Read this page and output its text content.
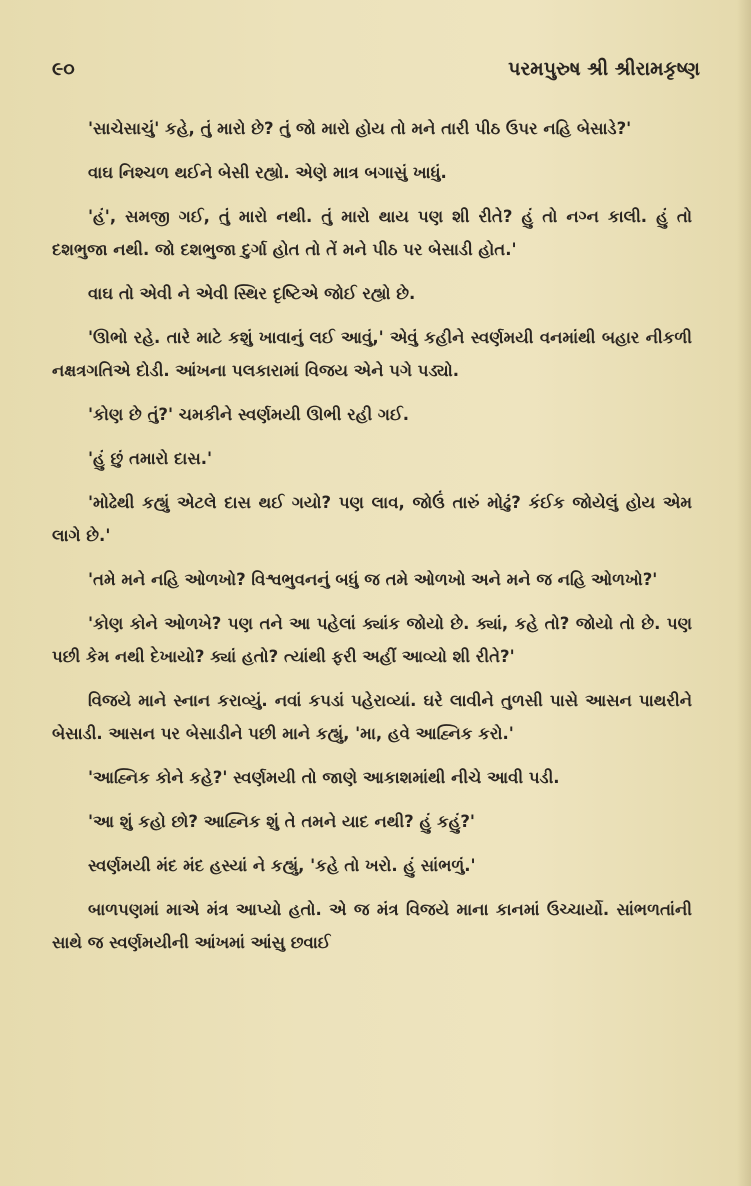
૯૦	પરમપુરુષ શ્રી શ્રીરામકૃષ્ણ

'સાચેસાચું' કહે, તું મારો છે? તું જો મારો હોય તો મને તારી પીઠ ઉપર નહિ બેસાડે?'

વાઘ નિશ્ચળ થઈને બેસી રહ્યો. એણે માત્ર બગાસું ખાધું.

'હં', સમજી ગઈ, તું મારો નથી. તું મારો થાય પણ શી રીતે? હું તો નગ્ન કાલી. હું તો દશભુજા નથી. જો દશભુજા દુર્ગા હોત તો તેં મને પીઠ પર બેસાડી હોત.'

વાઘ તો એવી ને એવી સ્થિર દૃષ્ટિએ જોઈ રહ્યો છે.

'ઊભો રહે. તારે માટે કશું ખાવાનું લઈ આવું,' એવું કહીને સ્વર્ણમયી વનમાંથી બહાર નીકળી નક્ષત્રગતિએ દોડી. આંખના પલકારામાં વિજય એને પગે પડ્યો.

'કોણ છે તું?' ચમકીને સ્વર્ણમયી ઊભી રહી ગઈ.

'હું છું તમારો દાસ.'

'મોઢેથી કહ્યું એટલે દાસ થઈ ગયો? પણ લાવ, જોઉં તારું મોઢું? કંઈક જોયેલું હોય એમ લાગે છે.'

'તમે મને નહિ ઓળખો? વિશ્વભુવનનું બધું જ તમે ઓળખો અને મને જ નહિ ઓળખો?'

'કોણ કોને ઓળખે? પણ તને આ પહેલાં ક્યાંક જોયો છે. ક્યાં, કહે તો? જોયો તો છે. પણ પછી કેમ નથી દેખાયો? ક્યાં હતો? ત્યાંથી ફરી અહીં આવ્યો શી રીતે?'

વિજયે માને સ્નાન કરાવ્યું. નવાં કપડાં પહેરાવ્યાં. ઘરે લાવીને તુળસી પાસે આસન પાથરીને બેસાડી. આસન પર બેસાડીને પછી માને કહ્યું, 'મા, હવે આહ્નિક કરો.'

'આહ્નિક કોને કહે?' સ્વર્ણમયી તો જાણે આકાશમાંથી નીચે આવી પડી.

'આ શું કહો છો? આહ્નિક શું તે તમને યાદ નથી? હું કહું?'

સ્વર્ણમયી મંદ મંદ હસ્યાં ને કહ્યું, 'કહે તો ખરો. હું સાંભળું.'

બાળપણમાં માએ મંત્ર આપ્યો હતો. એ જ મંત્ર વિજયે માના કાનમાં ઉચ્ચાર્યો. સાંભળતાંની સાથે જ સ્વર્ણમયીની આંખમાં આંસુ છવાઈ
